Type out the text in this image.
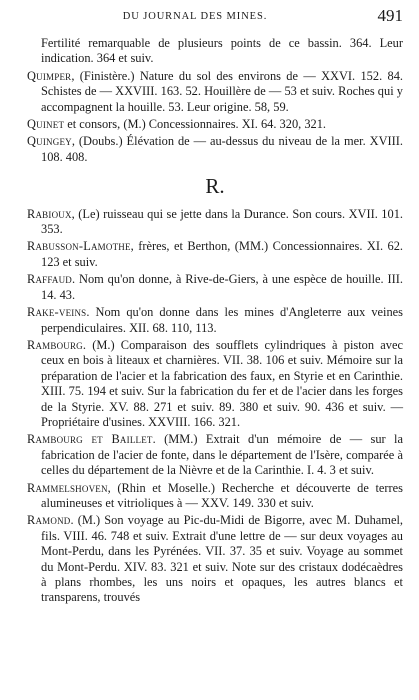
DU JOURNAL DES MINES.	491

Fertilité remarquable de plusieurs points de ce bassin. 364. Leur indication. 364 et suiv.

Quimper, (Finistère.) Nature du sol des environs de — XXVI. 152. 84. Schistes de — XXVIII. 163. 52. Houillère de — 53 et suiv. Roches qui y accompagnent la houille. 53. Leur origine. 58, 59.

Quinet et consors, (M.) Concessionnaires. XI. 64. 320, 321.

Quingey, (Doubs.) Élévation de — au-dessus du niveau de la mer. XVIII. 108. 408.

R.

Rabioux, (Le) ruisseau qui se jette dans la Durance. Son cours. XVII. 101. 353.

Rabusson-Lamothe, frères, et Berthon, (MM.) Concessionnaires. XI. 62. 123 et suiv.

Raffaud. Nom qu'on donne, à Rive-de-Giers, à une espèce de houille. III. 14. 43.

Rake-veins. Nom qu'on donne dans les mines d'Angleterre aux veines perpendiculaires. XII. 68. 110, 113.

Rambourg. (M.) Comparaison des soufflets cylindriques à piston avec ceux en bois à liteaux et charnières. VII. 38. 106 et suiv. Mémoire sur la préparation de l'acier et la fabrication des faux, en Styrie et en Carinthie. XIII. 75. 194 et suiv. Sur la fabrication du fer et de l'acier dans les forges de la Styrie. XV. 88. 271 et suiv. 89. 380 et suiv. 90. 436 et suiv. — Propriétaire d'usines. XXVIII. 166. 321.

Rambourg et Baillet. (MM.) Extrait d'un mémoire de — sur la fabrication de l'acier de fonte, dans le département de l'Isère, comparée à celles du département de la Nièvre et de la Carinthie. I. 4. 3 et suiv.

Rammelshoven, (Rhin et Moselle.) Recherche et découverte de terres alumineuses et vitrioliques à — XXV. 149. 330 et suiv.

Ramond. (M.) Son voyage au Pic-du-Midi de Bigorre, avec M. Duhamel, fils. VIII. 46. 748 et suiv. Extrait d'une lettre de — sur deux voyages au Mont-Perdu, dans les Pyrénées. VII. 37. 35 et suiv. Voyage au sommet du Mont-Perdu. XIV. 83. 321 et suiv. Note sur des cristaux dodécaèdres à plans rhombes, les uns noirs et opaques, les autres blancs et transparens, trouvés
